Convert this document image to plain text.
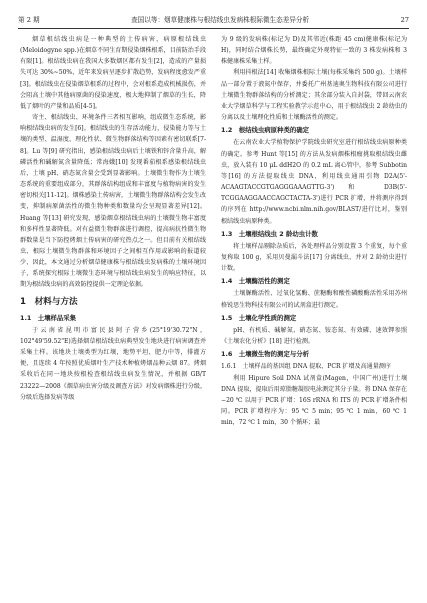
第 2 期	查国以等：烟草健康株与根结线虫发病株根际微生态差异分析	27

烟草根结线虫病是一种典型的土传病害，病原根结线虫(Meloidogyne spp.)在烟草不同生育期侵染烟株根系，目前防治手段有限[1]。根结线虫病在我国大多数烟区都有发生[2]，造成的产量损失可达 30%~50%，近年来发病呈逐步扩散趋势，发病程度愈发严重[3]。根结线虫在侵染烟草根系的过程中，会对根系造成机械损伤，并会阻高土壤中其他病原菌的侵染速度，极大地抑制了烟草的生长，降低了烟叶的产量和品质[4-5]。

寄主、根结线虫、环境条件三者相互影响，组成微生态系统，影响根结线虫病的发生[6]。根结线虫的生存活动能力，侵染能力等与土壤的类型、温湿度、理化性状、微生物群落结构等因素有密切联系[7-8]。Lu 等[9] 研究指出，感染根结线虫病后土壤铁和锌含量升高，解磷活性和碱解氮含量降低；常海娥[10] 发现番茄根系感染根结线虫后，土壤 pH、硝态氮含量会受到显著影响。土壤微生物作为土壤生态系统的重要组成部分，其群落结构组成和丰富度与植物病害的发生密切相关[11-12]。烟株感染土传病害，土壤微生物群落结构会发生改变，抑制病原菌活性的微生物种类和数量均会呈现显著差异[12]。Huang 等[13] 研究发现，感染烟草根结线虫病的土壤微生物丰富度和多样性显著降低。对有益微生物群落进行调控，提高病抗性微生物群数量是当下防控烤烟土传病害的研究热点之一。但目前有关根结线虫、根际土壤微生物群落和环境因子之间相互作用或影响的报道较少，因此，本文通过分析烟草健康株与根结线虫发病株的土壤环境因子，系统探究根际土壤微生态环境与根结线虫病发生的响应特征，以期为根结线虫病的高效防控提供一定理论依据。

1　材料与方法
1.1　土壤样品采集

于云南省昆明市富民县阿子营乡(25°19'30.72"N，102°49'59.52"E)选择烟草根结线虫病典型发生地块进行病害调查并采集土样。该地块土壤类型为红壤，地势平坦、肥力中等，排灌方便，且连续 4 年按照优质烟叶生产技术种植烤烟品种云烟 87。烤烟采收后在同一地块按根检查根结线虫病发生情况，并根据 GB/T 23222—2008《烟草病虫害分级及调查方法》对发病烟株进行分级，分级后选择发病等级

为 9 级的发病株(标记为 D)及其邻近(株距 45 cm)健康株(标记为 H)，同时结合烟株长势，最终确定外观特征一致的 3 株发病株和 3 株健康株采集土样。

利用抖根法[14] 收集烟株根际土壤(每株采集约 500 g)。土壤样品一部分置于液氮中保存，并委托广州基迪奥生物科技有限公司进行土壤微生物群落结构的分析测定；其余部分装入自封袋，带回云南农业大学烟草科学与工程实验教学示范中心，用于根结线虫 2 龄幼虫的分离以及土壤理化性质和土壤酶活性的测定。

1.2　根结线虫病原种类的确定

在云南农业大学植物保护学院线虫研究室进行根结线虫病原种类的确定。参考 Hunt 等[15] 的方法从发病烟株根瘤挑取根结线虫雌虫，放入装有 10 μL ddH2O 的 0.2 mL 离心管中，参考 Subbotin 等[16] 的方法提取线虫 DNA，利用线虫通用引物 D2A(5'-ACAAGTACCGTGAGGGAAAGTTG-3')和 D3B(5'-TCGGAAGGAACCAGCTACTA-3')进行 PCR 扩增，并将测序得到的序列在 http://www.ncbi.nlm.nih.gov/BLAST/进行比对，鉴别根结线虫病原种类。

1.3　土壤根结线虫 2 龄幼虫计数

将土壤样品剔除杂质后，各处理样品分别设置 3 个重复，每个重复称取 100 g，采用贝曼漏斗法[17] 分离线虫，并对 2 龄幼虫进行计数。

1.4　土壤酶活性的测定

土壤脲酶活性、过氧化氢酶、蔗糖酶和酸性磷酸酶活性采用苏州格锐思生物科技有限公司的试剂盒进行测定。

1.5　土壤化学性质的测定

pH、有机质、碱解氮、硝态氮、铵态氮、有效磷、速效钾参照《土壤农化分析》[18] 进行检测。

1.6　土壤微生物的测定与分析
1.6.1　土壤样品的基因组 DNA 提取、PCR 扩增及高通量测序

利用 Hipure Soil DNA 试剂盒(Magen，中国广州)进行土壤 DNA 提取，提取后用琼脂糖凝胶电泳测定其分子量。将 DNA 保存在−20 ℃ 以用于 PCR 扩增：16S rRNA 和 ITS 的 PCR 扩增条件相同。PCR 扩增程序为：95 ℃ 5 min；95 ℃ 1 min，60 ℃ 1 min，72 ℃ 1 min，30 个循环；最
